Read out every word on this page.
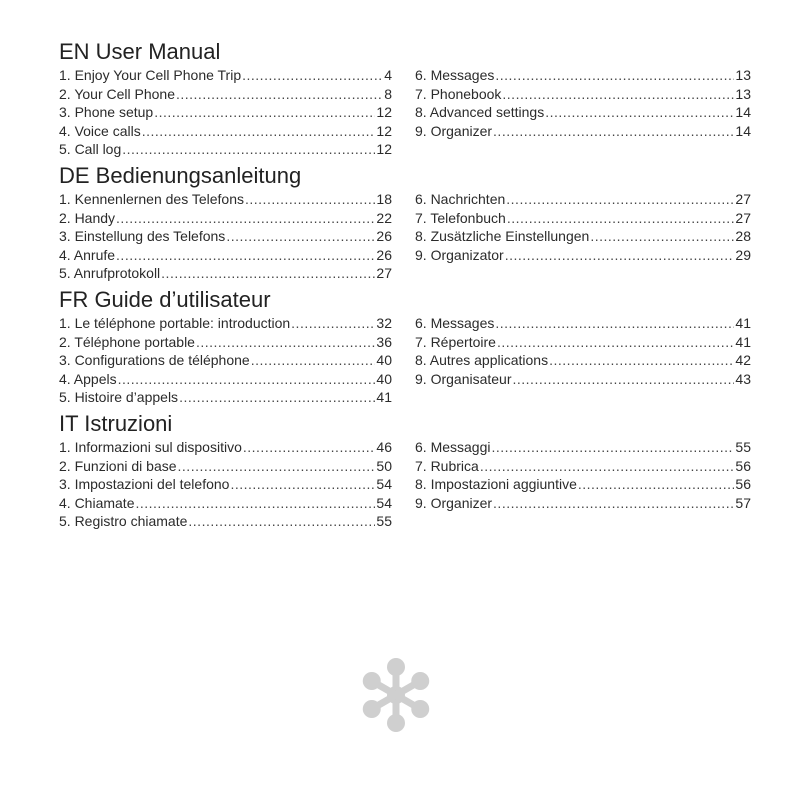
EN User Manual
1. Enjoy Your Cell Phone Trip .....	4
2. Your Cell Phone .....	8
3. Phone setup .....	12
4. Voice calls .....	12
5. Call log .....	12
6. Messages .....	13
7. Phonebook .....	13
8. Advanced settings .....	14
9. Organizer .....	14
DE Bedienungsanleitung
1. Kennenlernen des Telefons .....	18
2. Handy .....	22
3. Einstellung des Telefons .....	26
4. Anrufe .....	26
5. Anrufprotokoll .....	27
6. Nachrichten .....	27
7. Telefonbuch .....	27
8. Zusätzliche Einstellungen .....	28
9. Organizator .....	29
FR Guide d’utilisateur
1. Le téléphone portable: introduction .....	32
2. Téléphone portable .....	36
3. Configurations de téléphone .....	40
4. Appels .....	40
5. Histoire d’appels .....	41
6. Messages .....	41
7. Répertoire .....	41
8. Autres applications .....	42
9. Organisateur .....	43
IT Istruzioni
1. Informazioni sul dispositivo .....	46
2. Funzioni di base .....	50
3. Impostazioni del telefono .....	54
4. Chiamate .....	54
5. Registro chiamate .....	55
6. Messaggi .....	55
7. Rubrica .....	56
8. Impostazioni aggiuntive .....	56
9. Organizer .....	57
